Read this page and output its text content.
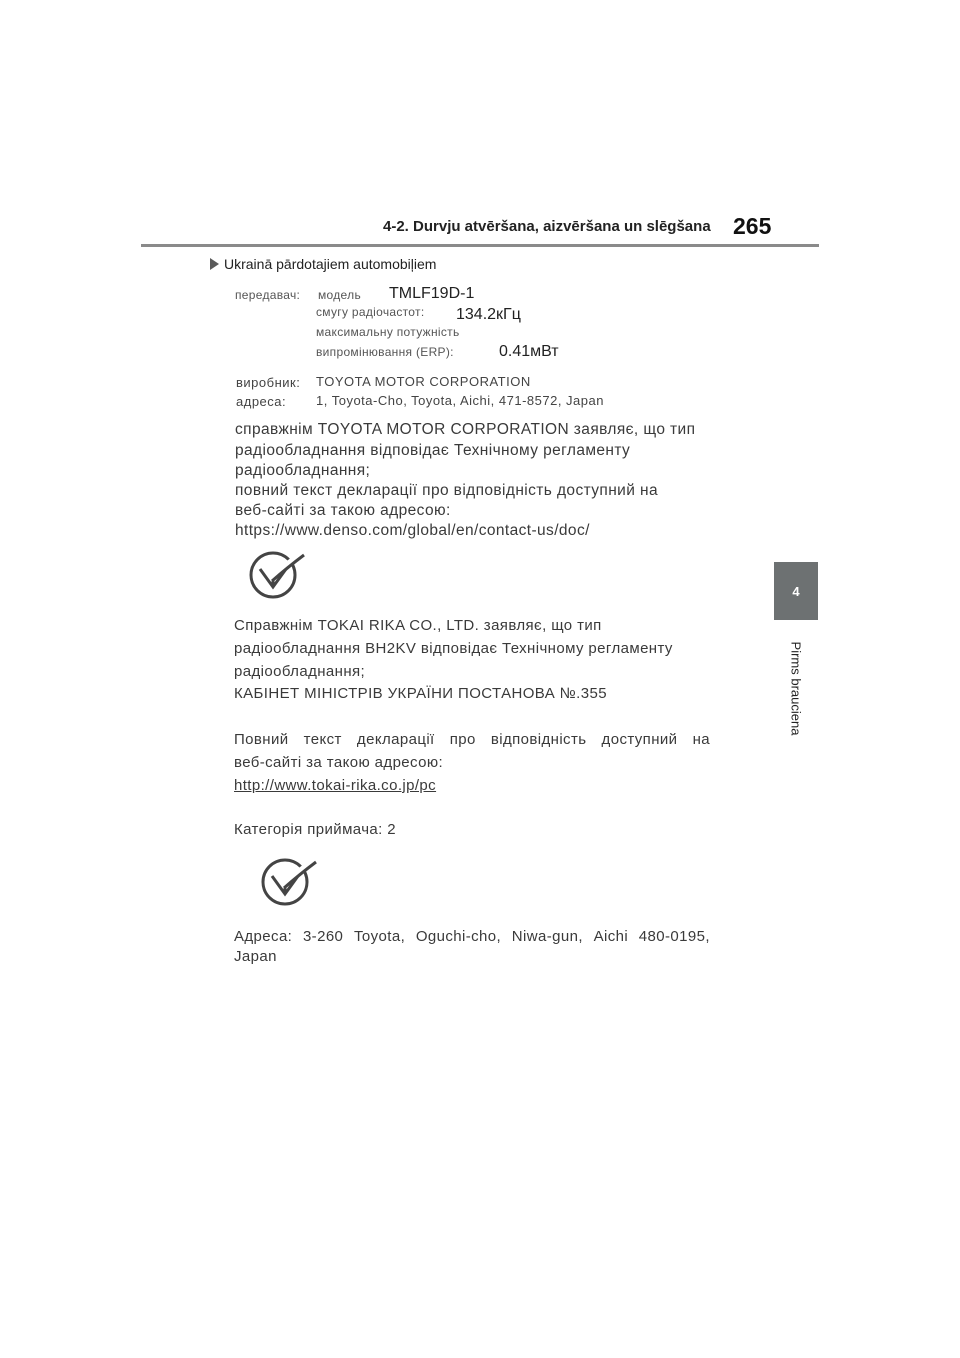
4-2. Durvju atvēršana, aizvēršana un slēgšana 265
4
Pirms brauciena
Ukrainā pārdotajiem automobiļiem
передавач: модель TMLF19D-1
смугу радіочастот: 134.2кГц
максимальну потужність
випромінювання (ERP):	0.41мВт
виробник: TOYOTA MOTOR CORPORATION
адреса: 1, Toyota-Cho, Toyota, Aichi, 471-8572, Japan
справжнім TOYOTA MOTOR CORPORATION заявляє, що тип
радіообладнання відповідає Технічному регламенту
радіообладнання;
повний текст декларації про відповідність доступний на
веб-сайті за такою адресою:
https://www.denso.com/global/en/contact-us/doc/
Справжнім TOKAI RIKA CO., LTD. заявляє, що тип
радіообладнання BH2KV відповідає Технічному регламенту
радіообладнання;
КАБІНЕТ МІНІСТРІВ УКРАЇНИ ПОСТАНОВА №.355
Повний текст декларації про відповідність доступний на
веб-сайті за такою адресою:
http://www.tokai-rika.co.jp/pc
Категорія приймача: 2
Адреса: 3-260 Toyota, Oguchi-cho, Niwa-gun, Aichi 480-0195,
Japan
